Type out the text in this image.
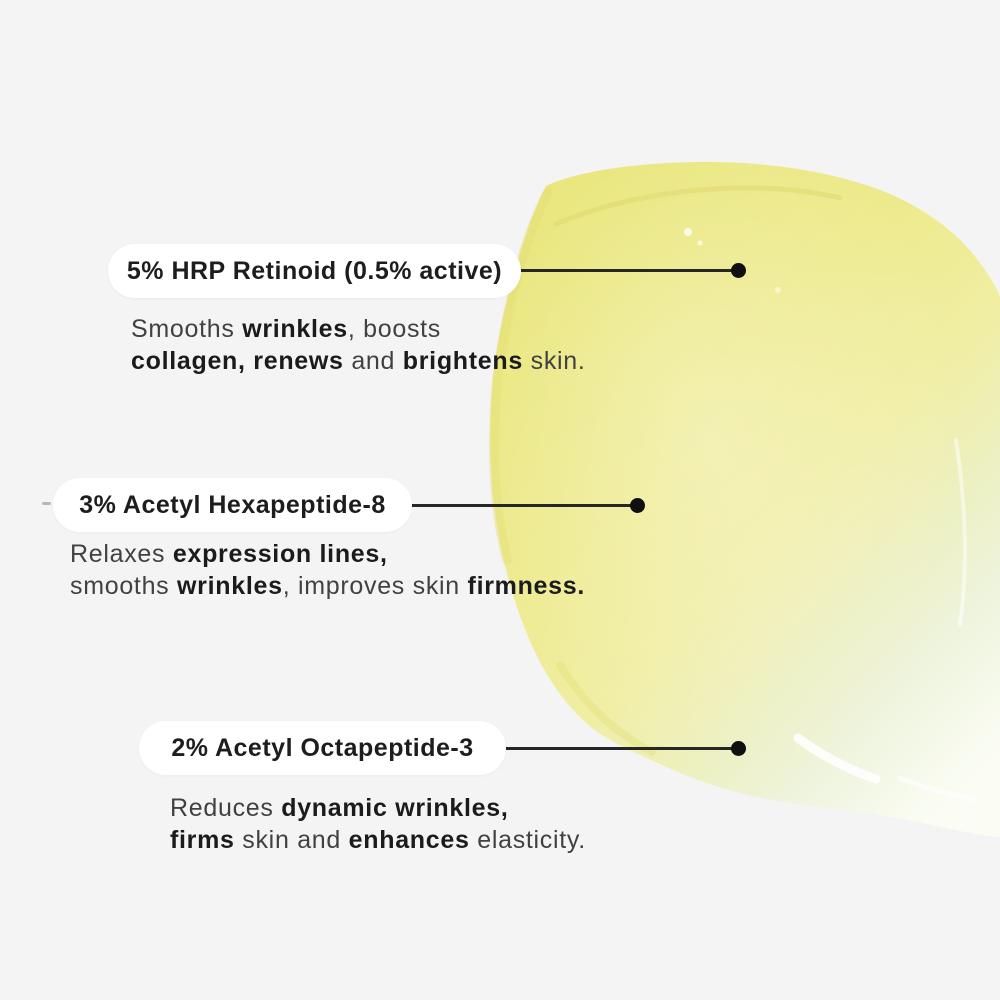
5% HRP Retinoid (0.5% active)
Smooths wrinkles, boosts
collagen, renews and brightens skin.
3% Acetyl Hexapeptide-8
Relaxes expression lines,
smooths wrinkles, improves skin firmness.
2% Acetyl Octapeptide-3
Reduces dynamic wrinkles,
firms skin and enhances elasticity.
